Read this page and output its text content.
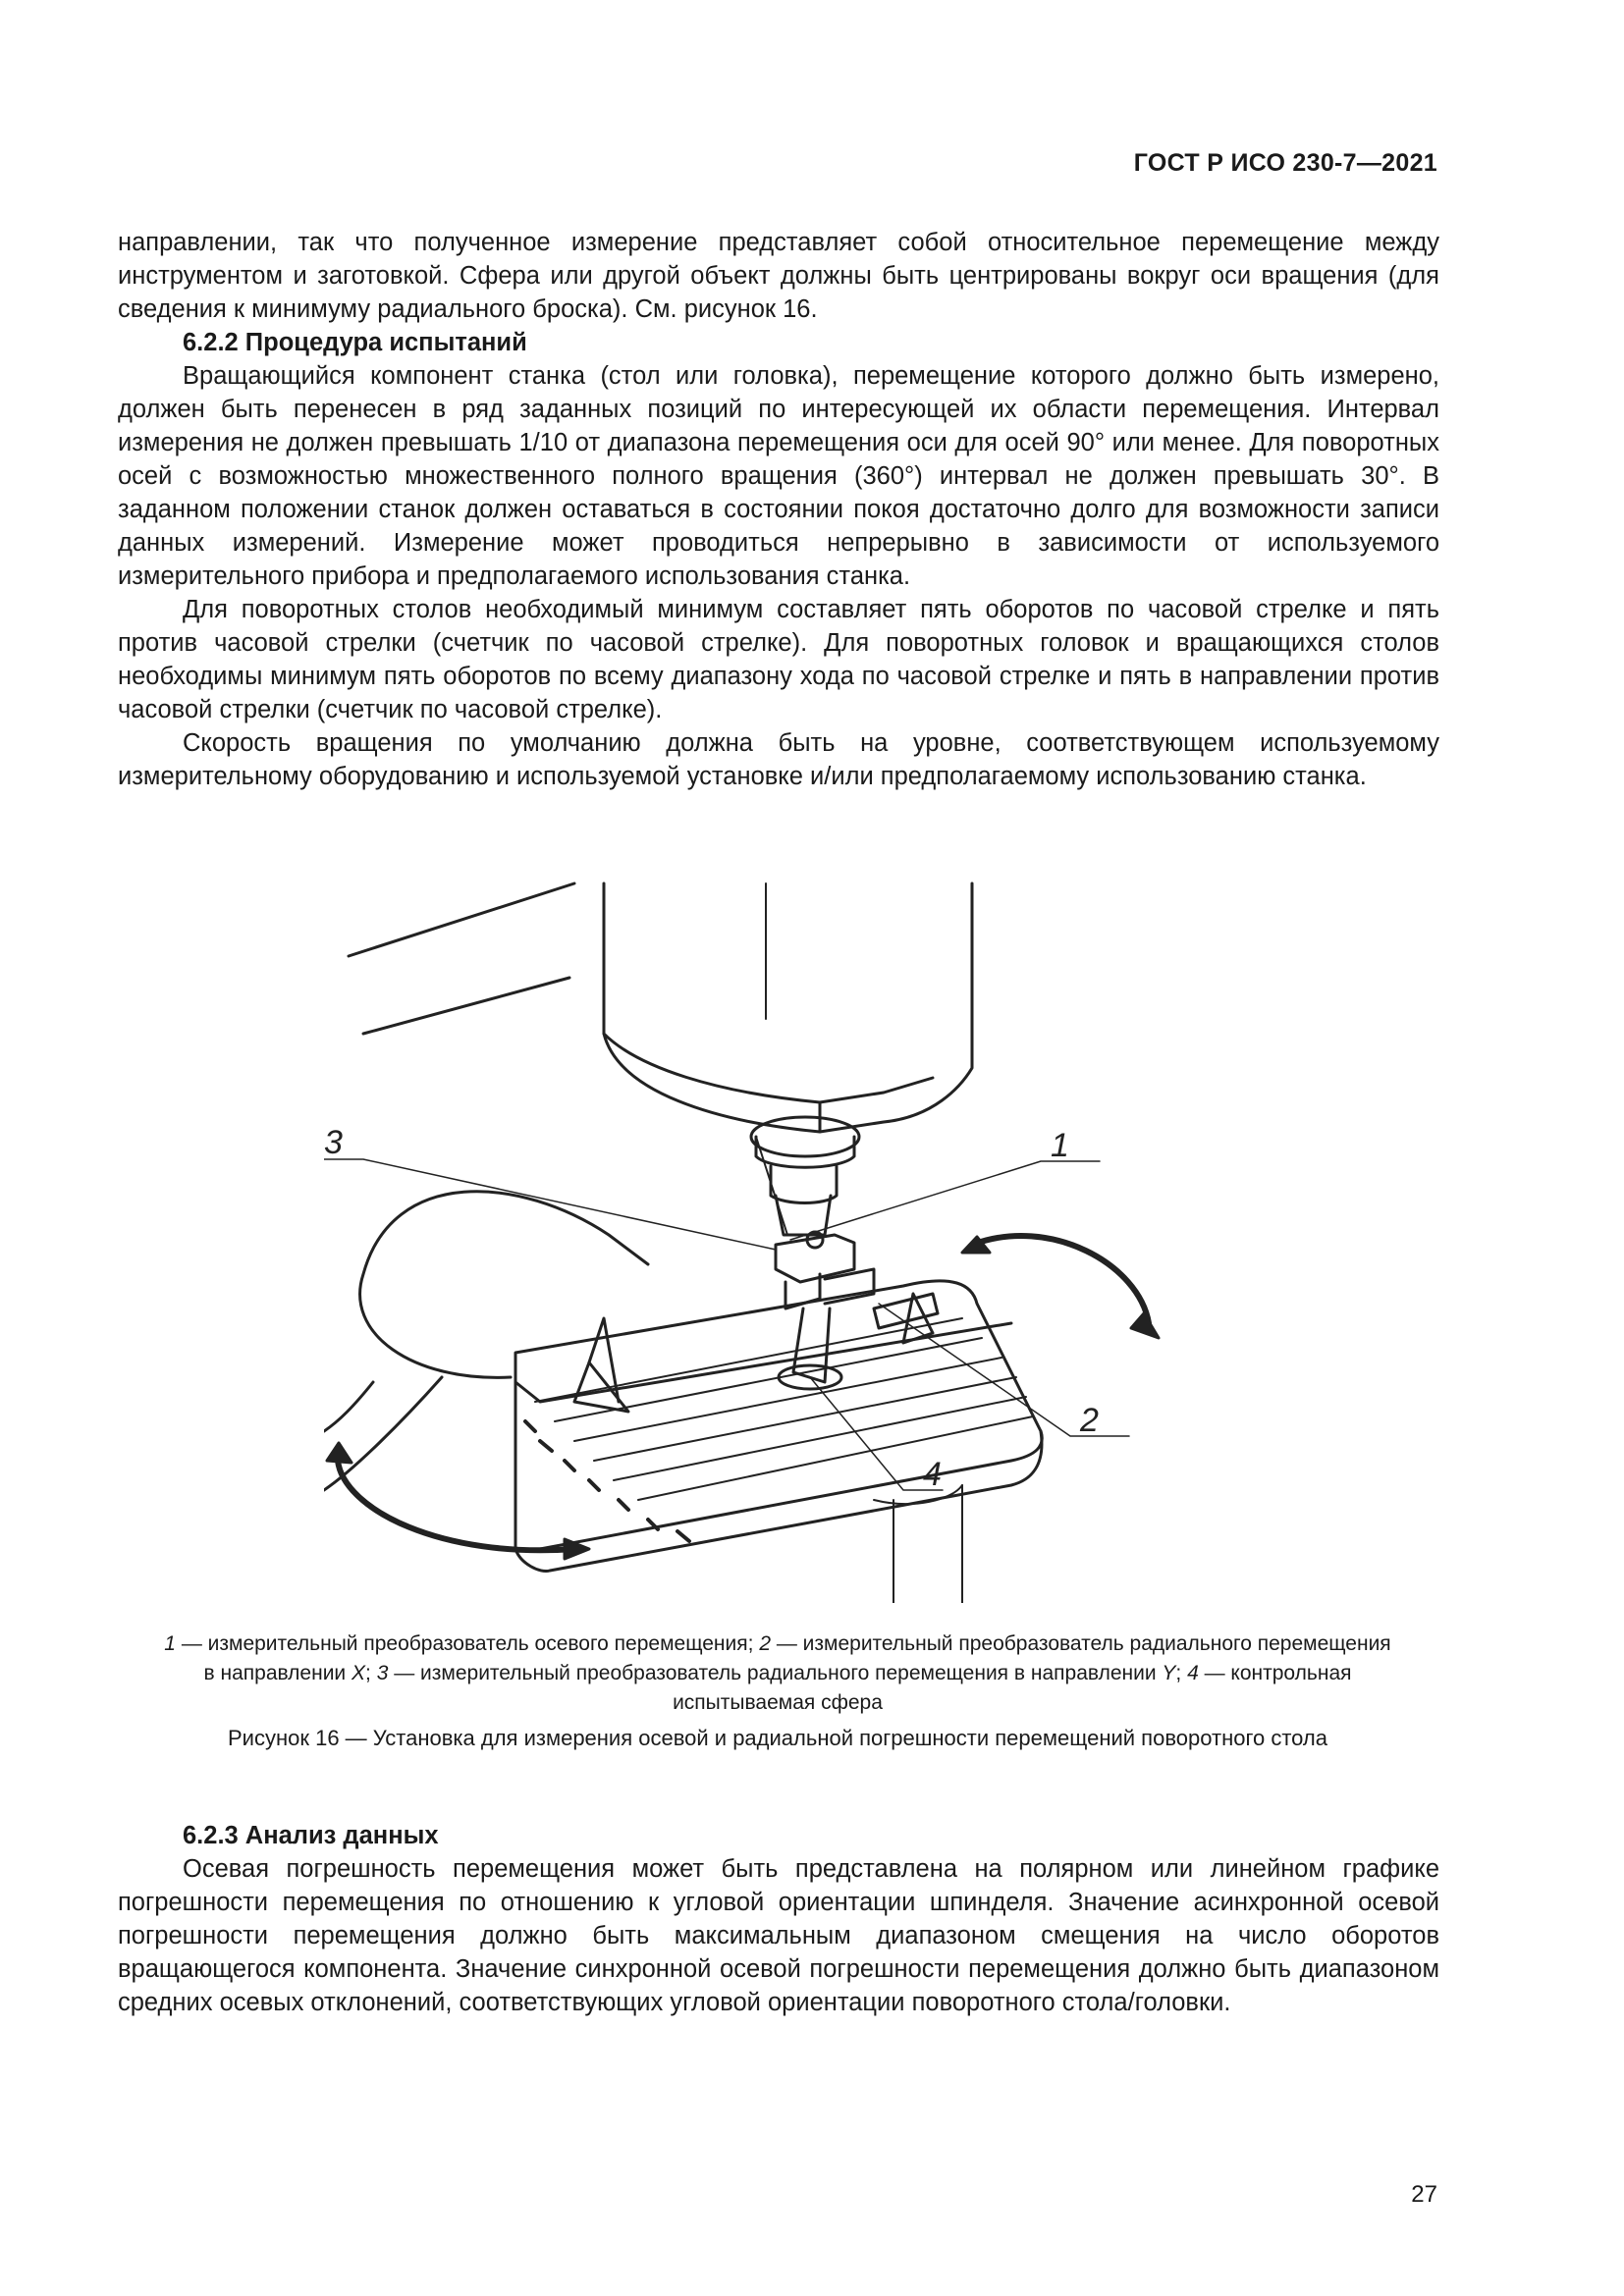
ГОСТ Р ИСО 230-7—2021

направлении, так что полученное измерение представляет собой относительное перемещение между инструментом и заготовкой. Сфера или другой объект должны быть центрированы вокруг оси вращения (для сведения к минимуму радиального броска). См. рисунок 16.

6.2.2 Процедура испытаний

Вращающийся компонент станка (стол или головка), перемещение которого должно быть измерено, должен быть перенесен в ряд заданных позиций по интересующей их области перемещения. Интервал измерения не должен превышать 1/10 от диапазона перемещения оси для осей 90° или менее. Для поворотных осей с возможностью множественного полного вращения (360°) интервал не должен превышать 30°. В заданном положении станок должен оставаться в состоянии покоя достаточно долго для возможности записи данных измерений. Измерение может проводиться непрерывно в зависимости от используемого измерительного прибора и предполагаемого использования станка.

Для поворотных столов необходимый минимум составляет пять оборотов по часовой стрелке и пять против часовой стрелки (счетчик по часовой стрелке). Для поворотных головок и вращающихся столов необходимы минимум пять оборотов по всему диапазону хода по часовой стрелке и пять в направлении против часовой стрелки (счетчик по часовой стрелке).

Скорость вращения по умолчанию должна быть на уровне, соответствующем используемому измерительному оборудованию и используемой установке и/или предполагаемому использованию станка.

1
2
3
4
1 — измерительный преобразователь осевого перемещения; 2 — измерительный преобразователь радиального перемещения в направлении X; 3 — измерительный преобразователь радиального перемещения в направлении Y; 4 — контрольная испытываемая сфера
Рисунок 16 — Установка для измерения осевой и радиальной погрешности перемещений поворотного стола

6.2.3 Анализ данных

Осевая погрешность перемещения может быть представлена на полярном или линейном графике погрешности перемещения по отношению к угловой ориентации шпинделя. Значение асинхронной осевой погрешности перемещения должно быть максимальным диапазоном смещения на число оборотов вращающегося компонента. Значение синхронной осевой погрешности перемещения должно быть диапазоном средних осевых отклонений, соответствующих угловой ориентации поворотного стола/головки.

27
